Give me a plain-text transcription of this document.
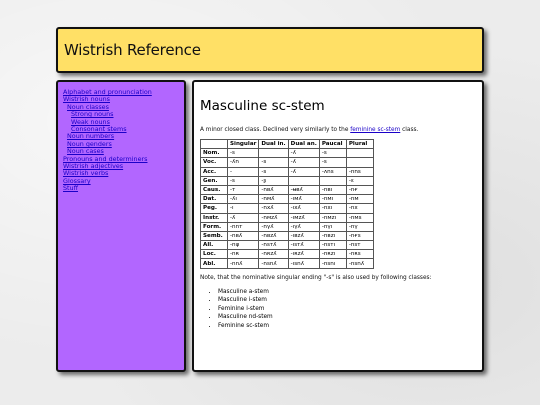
Wistrish Reference
Alphabet and pronunciation
Wistrish nouns
Noun classes
Strong nouns
Weak nouns
Consonant stems
Noun numbers
Noun genders
Noun cases
Pronouns and determiners
Wistrish adjectives
Wistrish verbs
Glossary
Stuff
Masculine sc-stem

A minor closed class. Declined very similarly to the feminine sc-stem class.

	Singular	Dual in.	Dual an.	Paucal	Plural
Nom.	-s		-ʎ	-s	
Voc.	-ʎn	-s	-ʎ	-s	
Acc.	-	-s	-ʎ	-ʌns	-nns
Gen.	-s	-ʂ			-ɛ
Caus.	-т	-nвʎ	-ʉвʎ	-nвı	-nғ
Dat.	-ʎı	-nмʎ	-ıмʎ	-nмı	-nм
Peg.	-ı	-nxʎ	-ıxʎ	-nxı	-nx
Instr.	-ʎ	-nмzʎ	-ıмzʎ	-nмzı	-nмs
Form.	-nnт	-nγʎ	-ıγʎ	-nγı	-nγ
Semb.	-nвʎ	-nвzʎ	-ıвzʎ	-nвzı	-nғs
All.	-nψ	-nsтʎ	-ısтʎ	-nsтı	-nsт
Loc.	-nʀ	-nʀzʎ	-ıʀzʎ	-nʀzı	-nʀs
Abl.	-nnʎ	-nsnʎ	-ısnʎ	-nsnı	-nsnʎ

Note, that the nominative singular ending "-s" is also used by following classes:

• Masculine a-stem
• Masculine i-stem
• Feminine i-stem
• Masculine nd-stem
• Feminine sc-stem
